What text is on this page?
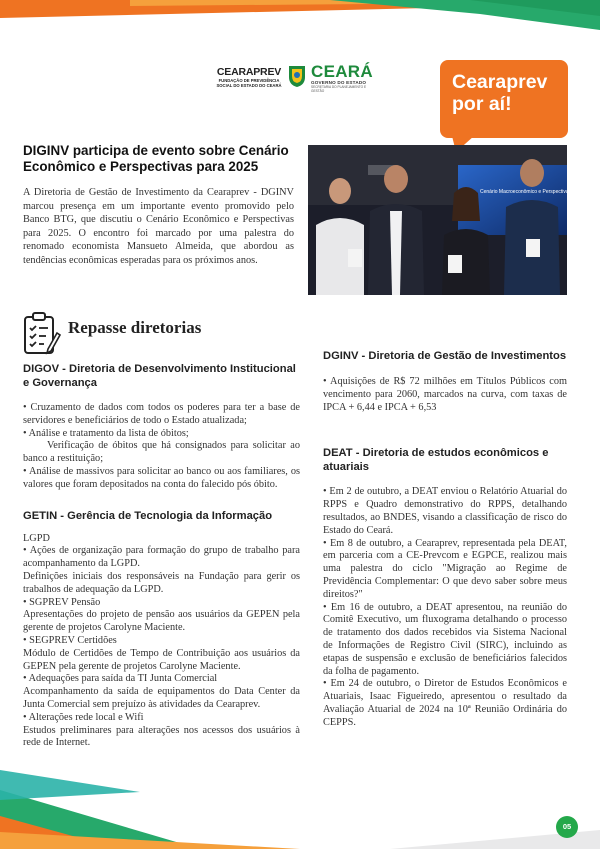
CEARAPREV
FUNDAÇÃO DE PREVIDÊNCIA
SOCIAL DO ESTADO DO CEARÁ
CEARÁ
GOVERNO DO ESTADO
SECRETARIA DO PLANEJAMENTO E GESTÃO	Cearaprev
por aí!
DIGINV participa de evento sobre Cenário Econômico e Perspectivas para 2025

A Diretoria de Gestão de Investimento da Cearaprev - DGINV marcou presença em um importante evento promovido pelo Banco BTG, que discutiu o Cenário Econômico e Perspectivas para 2025. O encontro foi marcado por uma palestra do renomado economista Mansueto Almeida, que abordou as tendências econômicas esperadas para os próximos anos.

Cenário Macroeconômico e Perspectivas para 2025
Repasse diretorias
DIGOV - Diretoria de Desenvolvimento Institucional e Governança

• Cruzamento de dados com todos os poderes para ter a base de servidores e beneficiários de todo o Estado atualizada;

• Análise e tratamento da lista de óbitos;

Verificação de óbitos que há consignados para solicitar ao banco a restituição;

• Análise de massivos para solicitar ao banco ou aos familiares, os valores que foram depositados na conta do falecido pós óbito.

GETIN - Gerência de Tecnologia da Informação

LGPD

• Ações de organização para formação do grupo de trabalho para acompanhamento da LGPD.

Definições iniciais dos responsáveis na Fundação para gerir os trabalhos de adequação da LGPD.

• SGPREV Pensão

Apresentações do projeto de pensão aos usuários da GEPEN pela gerente de projetos Carolyne Maciente.

• SEGPREV Certidões

Módulo de Certidões de Tempo de Contribuição aos usuários da GEPEN pela gerente de projetos Carolyne Maciente.

• Adequações para saída da TI Junta Comercial

Acompanhamento da saída de equipamentos do Data Center da Junta Comercial sem prejuízo às atividades da Cearaprev.

• Alterações rede local e Wifi

Estudos preliminares para alterações nos acessos dos usuários à rede de Internet.

DGINV - Diretoria de Gestão de Investimentos

• Aquisições de R$ 72 milhões em Títulos Públicos com vencimento para 2060, marcados na curva, com taxas de IPCA + 6,44 e IPCA + 6,53

DEAT - Diretoria de estudos econômicos e atuariais

• Em 2 de outubro, a DEAT enviou o Relatório Atuarial do RPPS e Quadro demonstrativo do RPPS, detalhando resultados, ao BNDES, visando a classificação de risco do Estado do Ceará.

• Em 8 de outubro, a Cearaprev, representada pela DEAT, em parceria com a CE-Prevcom e EGPCE, realizou mais uma palestra do ciclo "Migração ao Regime de Previdência Complementar: O que devo saber sobre meus direitos?"

• Em 16 de outubro, a DEAT apresentou, na reunião do Comitê Executivo, um fluxograma detalhando o processo de tratamento dos dados recebidos via Sistema Nacional de Informações de Registro Civil (SIRC), incluindo as etapas de suspensão e exclusão de beneficiários falecidos da folha de pagamento.

• Em 24 de outubro, o Diretor de Estudos Econômicos e Atuariais, Isaac Figueiredo, apresentou o resultado da Avaliação Atuarial de 2024 na 10ª Reunião Ordinária do CEPPS.

05
